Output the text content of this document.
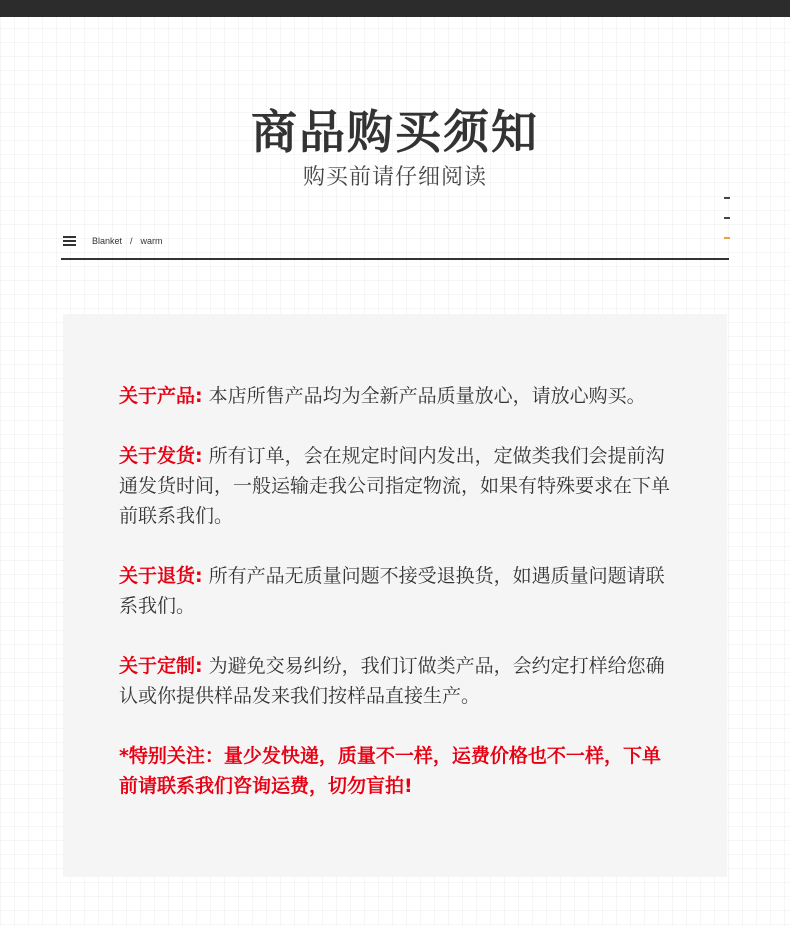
商品购买须知
购买前请仔细阅读
Blanket / warm
关于产品: 本店所售产品均为全新产品质量放心，请放心购买。
关于发货: 所有订单，会在规定时间内发出，定做类我们会提前沟通发货时间，一般运输走我公司指定物流，如果有特殊要求在下单前联系我们。
关于退货: 所有产品无质量问题不接受退换货，如遇质量问题请联系我们。
关于定制: 为避免交易纠纷，我们订做类产品，会约定打样给您确认或你提供样品发来我们按样品直接生产。
*特别关注：量少发快递，质量不一样，运费价格也不一样，下单前请联系我们咨询运费，切勿盲拍!
